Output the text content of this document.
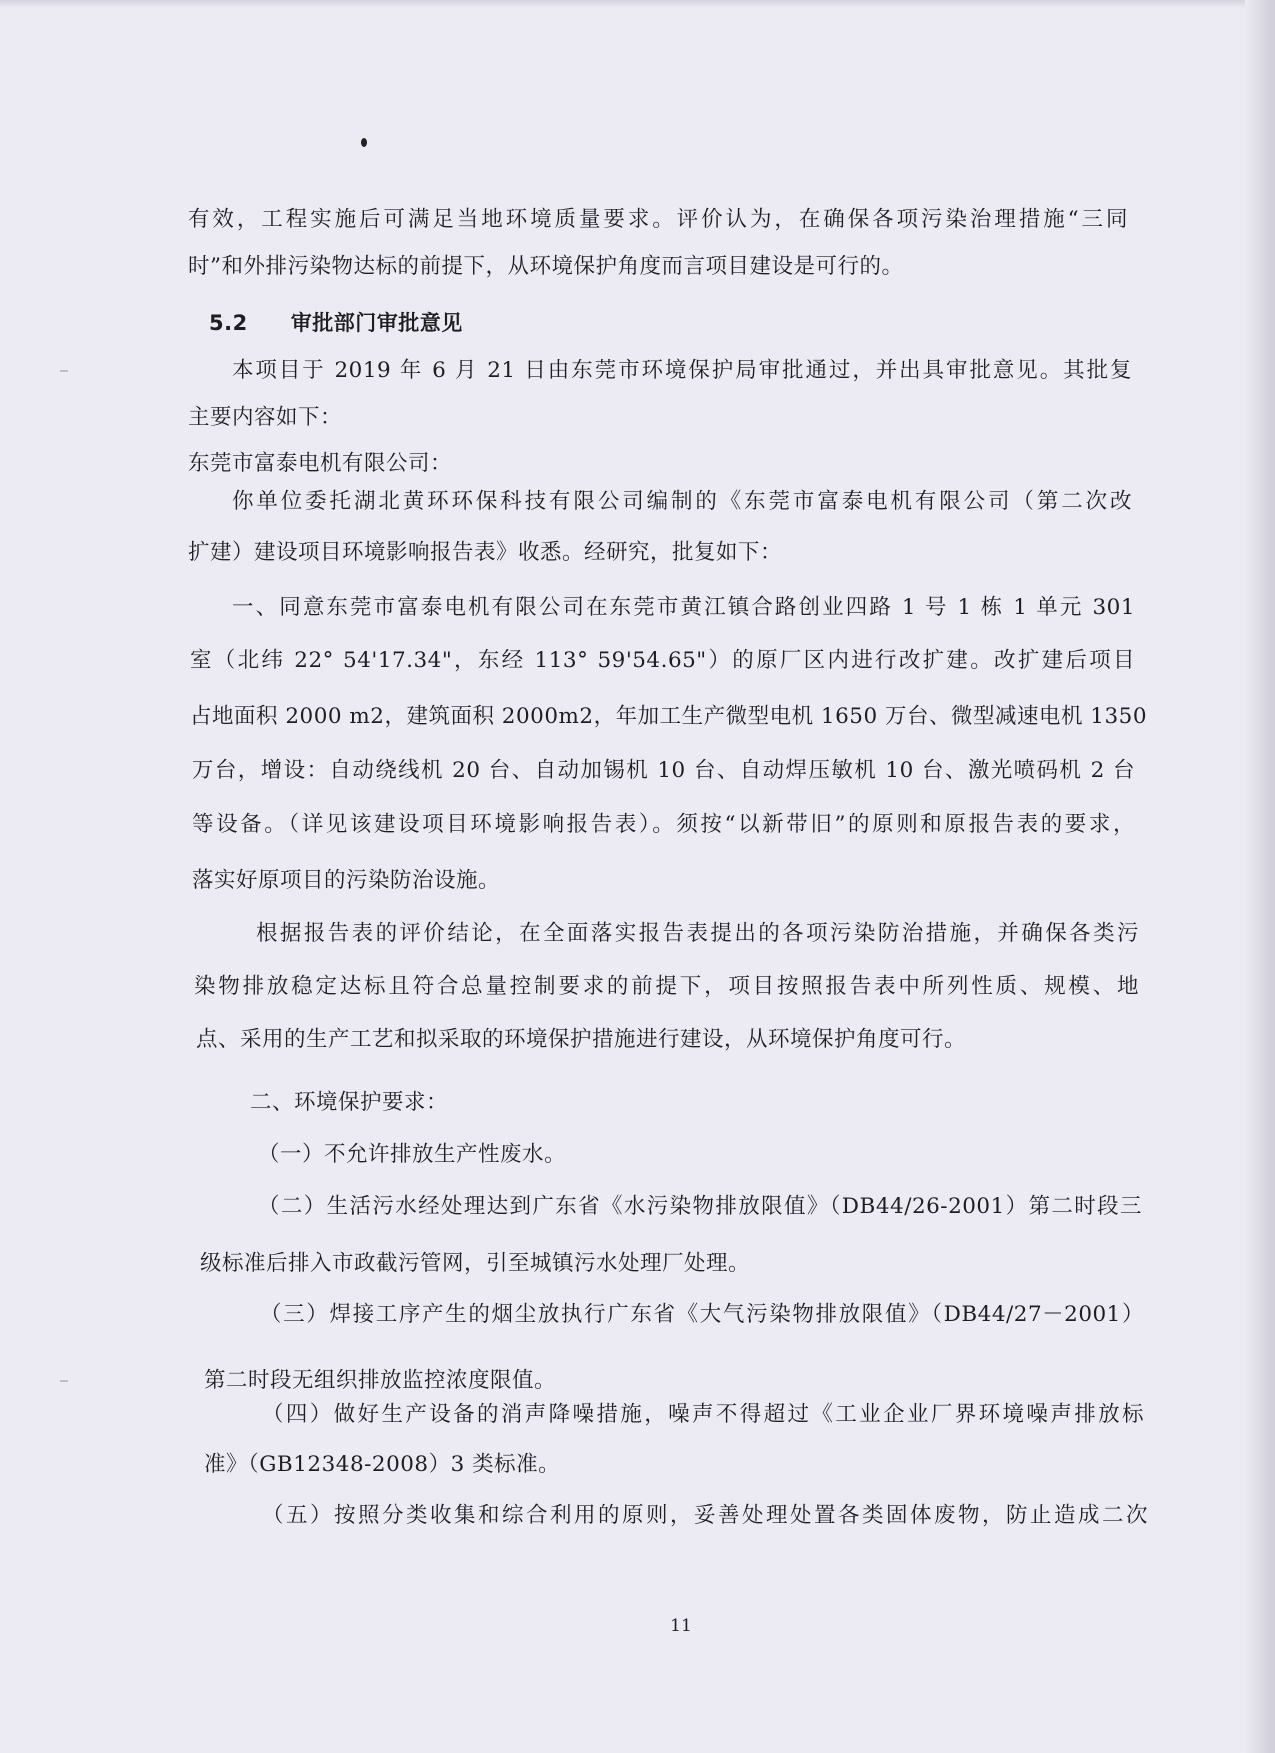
有效，工程实施后可满足当地环境质量要求。评价认为，在确保各项污染治理措施“三同
时”和外排污染物达标的前提下，从环境保护角度而言项目建设是可行的。
5.2　　审批部门审批意见
本项目于 2019 年 6 月 21 日由东莞市环境保护局审批通过，并出具审批意见。其批复
主要内容如下：
东莞市富泰电机有限公司：
你单位委托湖北黄环环保科技有限公司编制的《东莞市富泰电机有限公司（第二次改
扩建）建设项目环境影响报告表》收悉。经研究，批复如下：
一、同意东莞市富泰电机有限公司在东莞市黄江镇合路创业四路 1 号 1 栋 1 单元 301
室（北纬 22° 54'17.34"，东经 113° 59'54.65"）的原厂区内进行改扩建。改扩建后项目
占地面积 2000 m2，建筑面积 2000m2，年加工生产微型电机 1650 万台、微型减速电机 1350
万台，增设：自动绕线机 20 台、自动加锡机 10 台、自动焊压敏机 10 台、激光喷码机 2 台
等设备。（详见该建设项目环境影响报告表）。须按“以新带旧”的原则和原报告表的要求，
落实好原项目的污染防治设施。
根据报告表的评价结论，在全面落实报告表提出的各项污染防治措施，并确保各类污
染物排放稳定达标且符合总量控制要求的前提下，项目按照报告表中所列性质、规模、地
点、采用的生产工艺和拟采取的环境保护措施进行建设，从环境保护角度可行。
二、环境保护要求：
（一）不允许排放生产性废水。
（二）生活污水经处理达到广东省《水污染物排放限值》（DB44/26-2001）第二时段三
级标准后排入市政截污管网，引至城镇污水处理厂处理。
（三）焊接工序产生的烟尘放执行广东省《大气污染物排放限值》（DB44/27－2001）
第二时段无组织排放监控浓度限值。
（四）做好生产设备的消声降噪措施，噪声不得超过《工业企业厂界环境噪声排放标
准》（GB12348-2008）3 类标准。
（五）按照分类收集和综合利用的原则，妥善处理处置各类固体废物，防止造成二次
11
